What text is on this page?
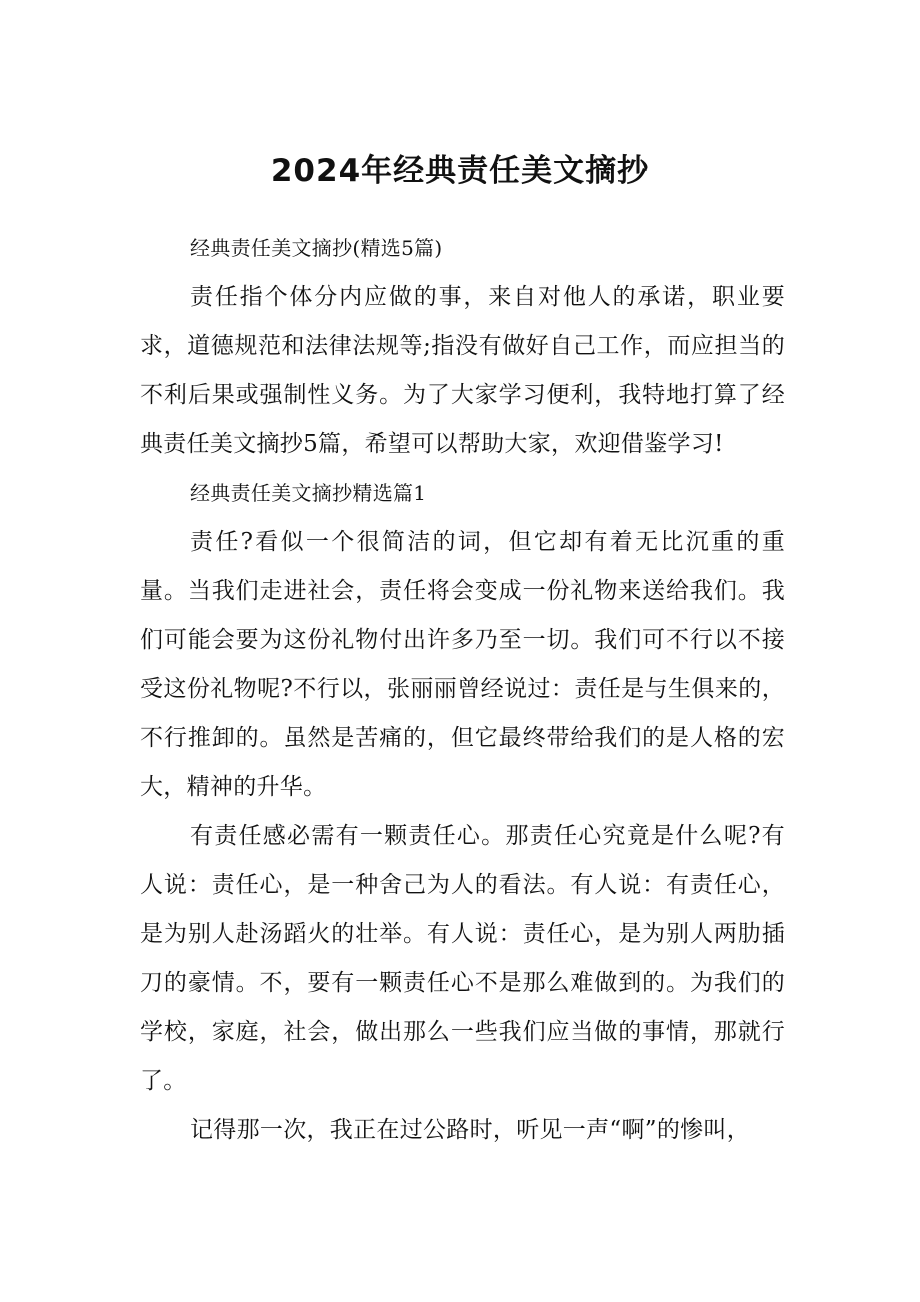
2024年经典责任美文摘抄

经典责任美文摘抄(精选5篇)

责任指个体分内应做的事，来自对他人的承诺，职业要求，道德规范和法律法规等;指没有做好自己工作，而应担当的不利后果或强制性义务。为了大家学习便利，我特地打算了经典责任美文摘抄5篇，希望可以帮助大家，欢迎借鉴学习!

经典责任美文摘抄精选篇1

责任?看似一个很简洁的词，但它却有着无比沉重的重量。当我们走进社会，责任将会变成一份礼物来送给我们。我们可能会要为这份礼物付出许多乃至一切。我们可不行以不接受这份礼物呢?不行以，张丽丽曾经说过：责任是与生俱来的，不行推卸的。虽然是苦痛的，但它最终带给我们的是人格的宏大，精神的升华。

有责任感必需有一颗责任心。那责任心究竟是什么呢?有人说：责任心，是一种舍己为人的看法。有人说：有责任心，是为别人赴汤蹈火的壮举。有人说：责任心，是为别人两肋插刀的豪情。不，要有一颗责任心不是那么难做到的。为我们的学校，家庭，社会，做出那么一些我们应当做的事情，那就行了。

记得那一次，我正在过公路时，听见一声“啊”的惨叫，
